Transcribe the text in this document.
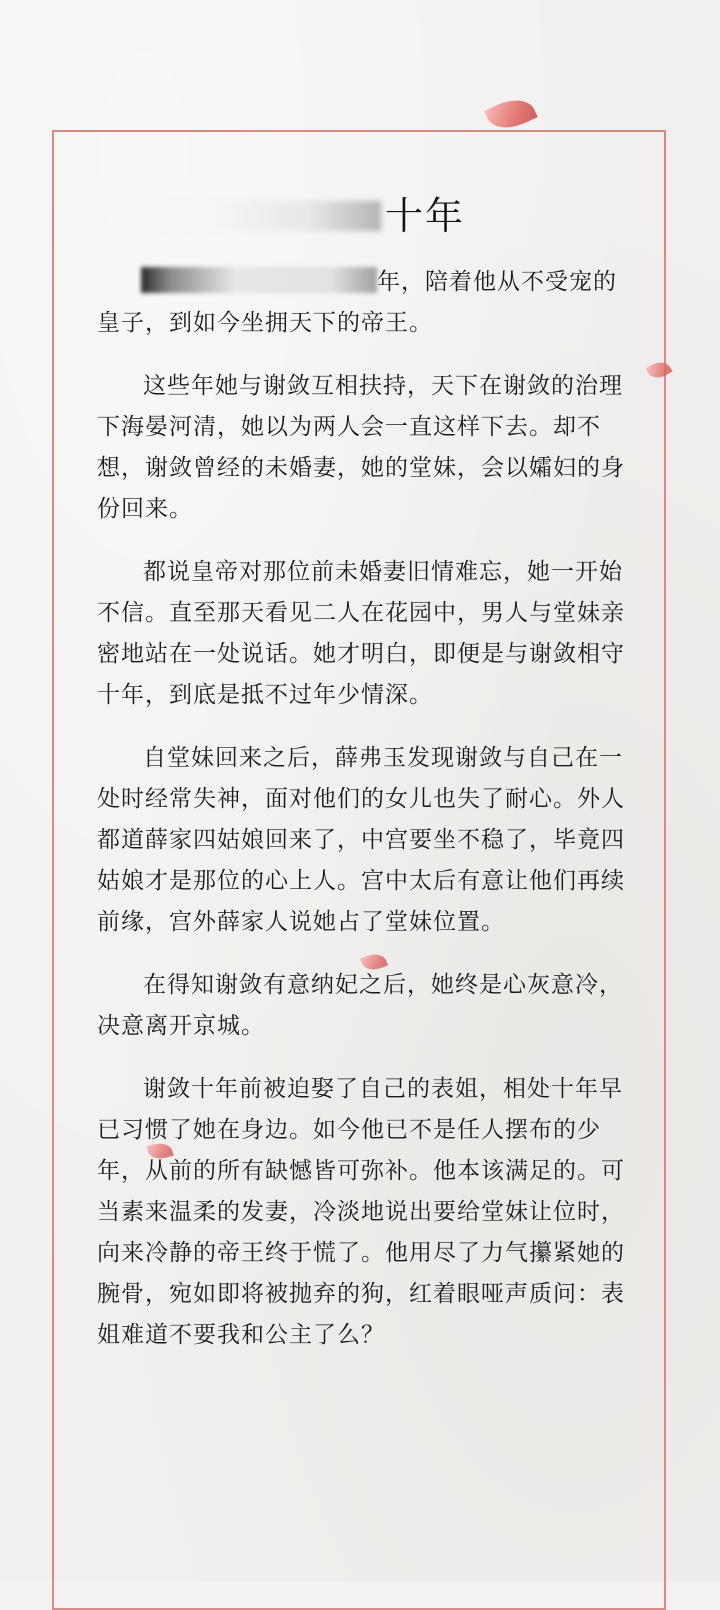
十年

年，陪着他从不受宠的皇子，到如今坐拥天下的帝王。

这些年她与谢敛互相扶持，天下在谢敛的治理下海晏河清，她以为两人会一直这样下去。却不想，谢敛曾经的未婚妻，她的堂妹，会以孀妇的身份回来。

都说皇帝对那位前未婚妻旧情难忘，她一开始不信。直至那天看见二人在花园中，男人与堂妹亲密地站在一处说话。她才明白，即便是与谢敛相守十年，到底是抵不过年少情深。

自堂妹回来之后，薛弗玉发现谢敛与自己在一处时经常失神，面对他们的女儿也失了耐心。外人都道薛家四姑娘回来了，中宫要坐不稳了，毕竟四姑娘才是那位的心上人。宫中太后有意让他们再续前缘，宫外薛家人说她占了堂妹位置。

在得知谢敛有意纳妃之后，她终是心灰意冷，决意离开京城。

谢敛十年前被迫娶了自己的表姐，相处十年早已习惯了她在身边。如今他已不是任人摆布的少年，从前的所有缺憾皆可弥补。他本该满足的。可当素来温柔的发妻，冷淡地说出要给堂妹让位时，向来冷静的帝王终于慌了。他用尽了力气攥紧她的腕骨，宛如即将被抛弃的狗，红着眼哑声质问：表姐难道不要我和公主了么？
